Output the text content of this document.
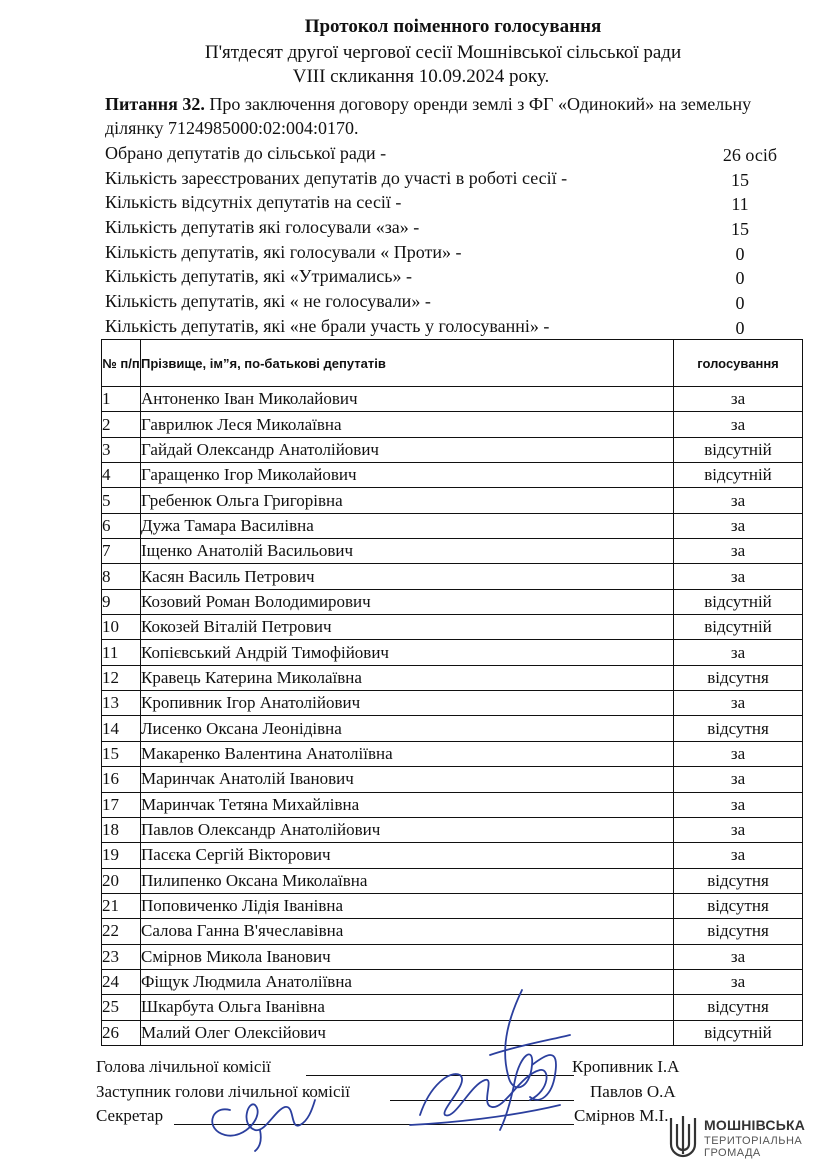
Протокол поіменного голосування
П'ятдесят другої чергової сесії Мошнівської сільської ради
VIII скликання 10.09.2024 року.
Питання 32. Про заключення договору оренди землі з ФГ «Одинокий» на земельну ділянку 7124985000:02:004:0170.
Обрано депутатів до сільської ради -	26 осіб
Кількість зареєстрованих депутатів до участі в роботі сесії -	15
Кількість відсутніх депутатів на сесії -	11
Кількість депутатів які голосували «за» -	15
Кількість депутатів, які голосували « Проти» -	0
Кількість депутатів, які «Утримались» -	0
Кількість депутатів, які « не голосували» -	0
Кількість депутатів, які «не брали участь у голосуванні» -	0
№ п/п	Прізвище, ім”я, по-батькові депутатів	голосування
1	Антоненко Іван Миколайович	за
2	Гаврилюк Леся Миколаївна	за
3	Гайдай Олександр Анатолійович	відсутній
4	Гаращенко Ігор Миколайович	відсутній
5	Гребенюк Ольга Григорівна	за
6	Дужа Тамара Василівна	за
7	Іщенко Анатолій Васильович	за
8	Касян Василь Петрович	за
9	Козовий Роман Володимирович	відсутній
10	Кокозей Віталій Петрович	відсутній
11	Копієвський Андрій Тимофійович	за
12	Кравець Катерина Миколаївна	відсутня
13	Кропивник Ігор Анатолійович	за
14	Лисенко Оксана Леонідівна	відсутня
15	Макаренко Валентина Анатоліївна	за
16	Маринчак Анатолій Іванович	за
17	Маринчак Тетяна Михайлівна	за
18	Павлов Олександр Анатолійович	за
19	Пасєка Сергій Вікторович	за
20	Пилипенко Оксана Миколаївна	відсутня
21	Поповиченко Лідія Іванівна	відсутня
22	Салова Ганна В'ячеславівна	відсутня
23	Смірнов Микола Іванович	за
24	Фіщук Людмила Анатоліївна	за
25	Шкарбута Ольга Іванівна	відсутня
26	Малий Олег Олексійович	відсутній
Голова лічильної комісії	Кропивник І.А
Заступник голови лічильної комісії	Павлов О.А
Секретар	Смірнов М.І.	МОШНІВСЬКА
ТЕРИТОРІАЛЬНА
ГРОМАДА
